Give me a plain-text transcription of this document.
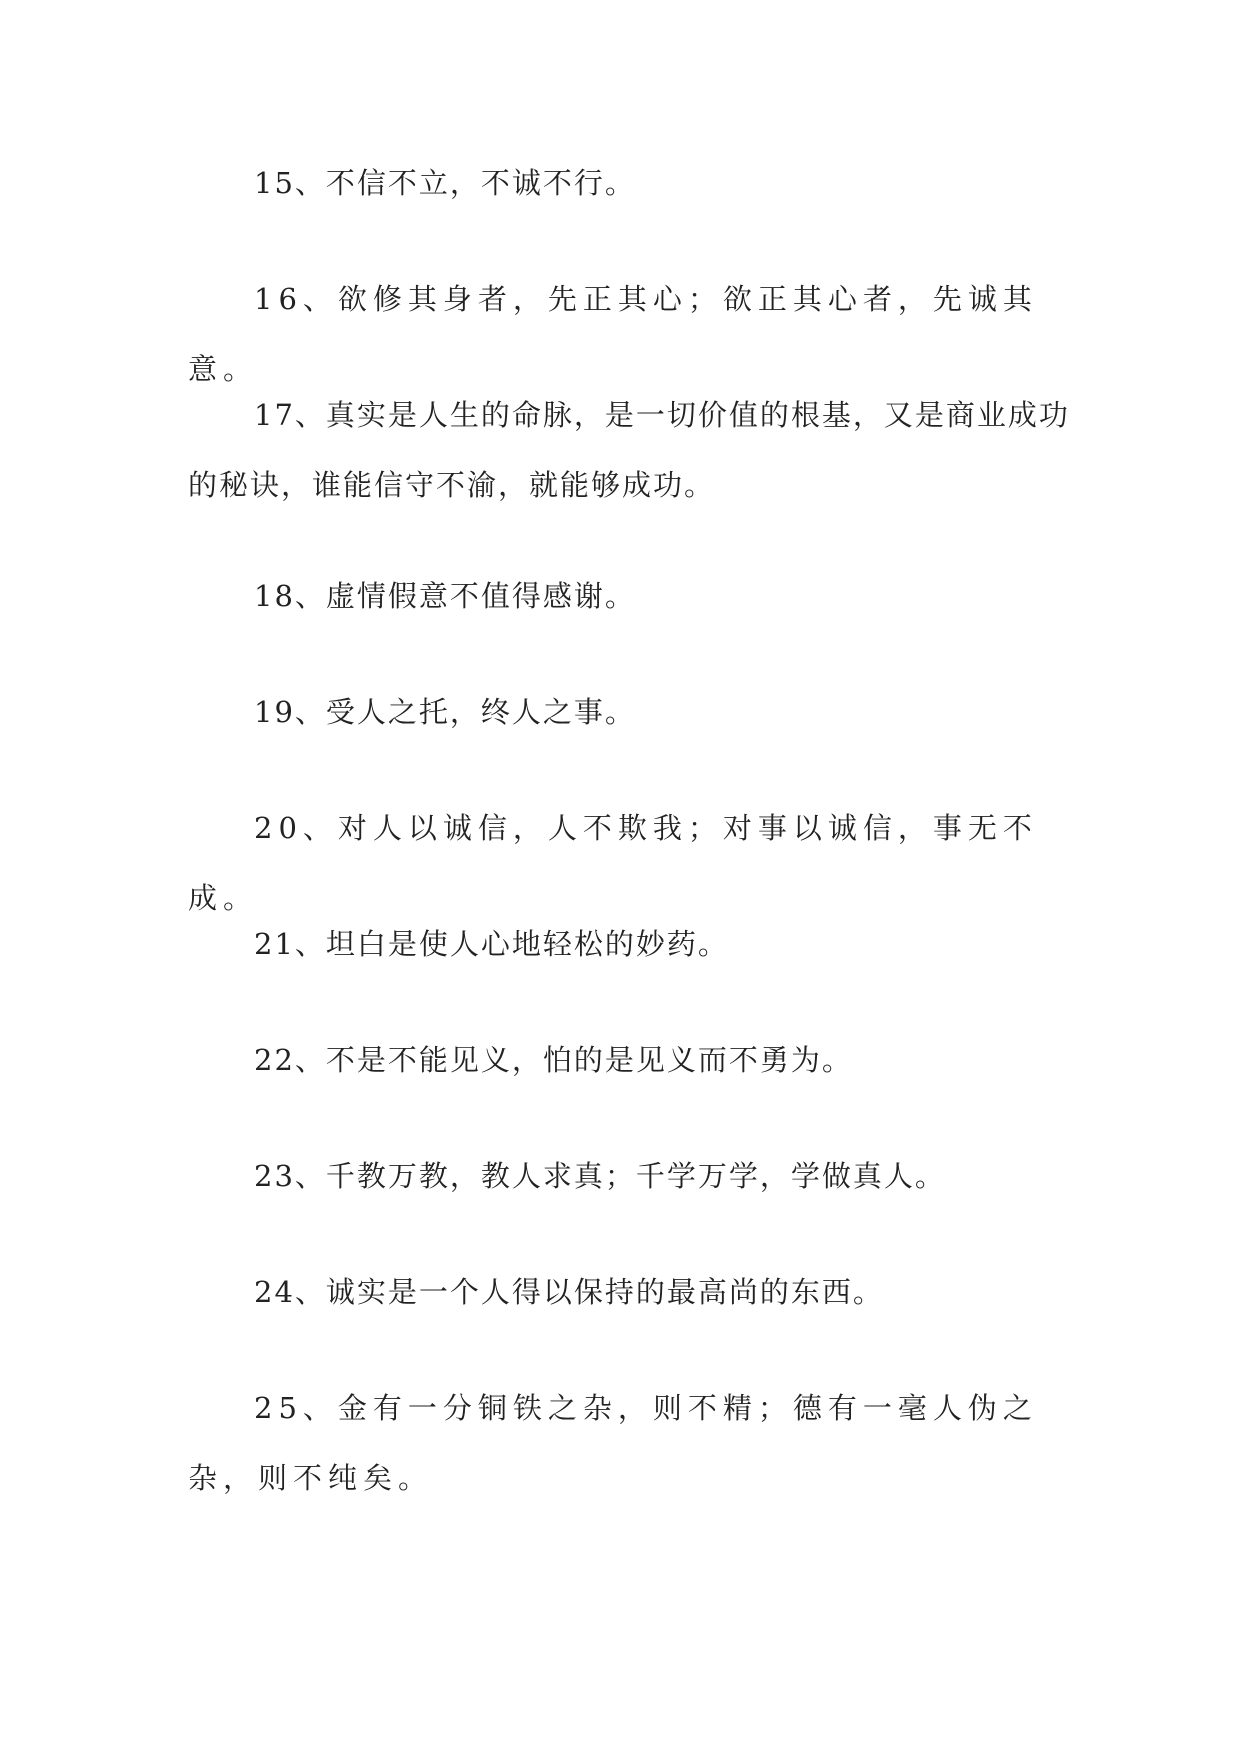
15、不信不立，不诚不行。

16、欲修其身者，先正其心；欲正其心者，先诚其意。

17、真实是人生的命脉，是一切价值的根基，又是商业成功的秘诀，谁能信守不渝，就能够成功。

18、虚情假意不值得感谢。

19、受人之托，终人之事。

20、对人以诚信，人不欺我；对事以诚信，事无不成。

21、坦白是使人心地轻松的妙药。

22、不是不能见义，怕的是见义而不勇为。

23、千教万教，教人求真；千学万学，学做真人。

24、诚实是一个人得以保持的最高尚的东西。

25、金有一分铜铁之杂，则不精；德有一毫人伪之杂，则不纯矣。
